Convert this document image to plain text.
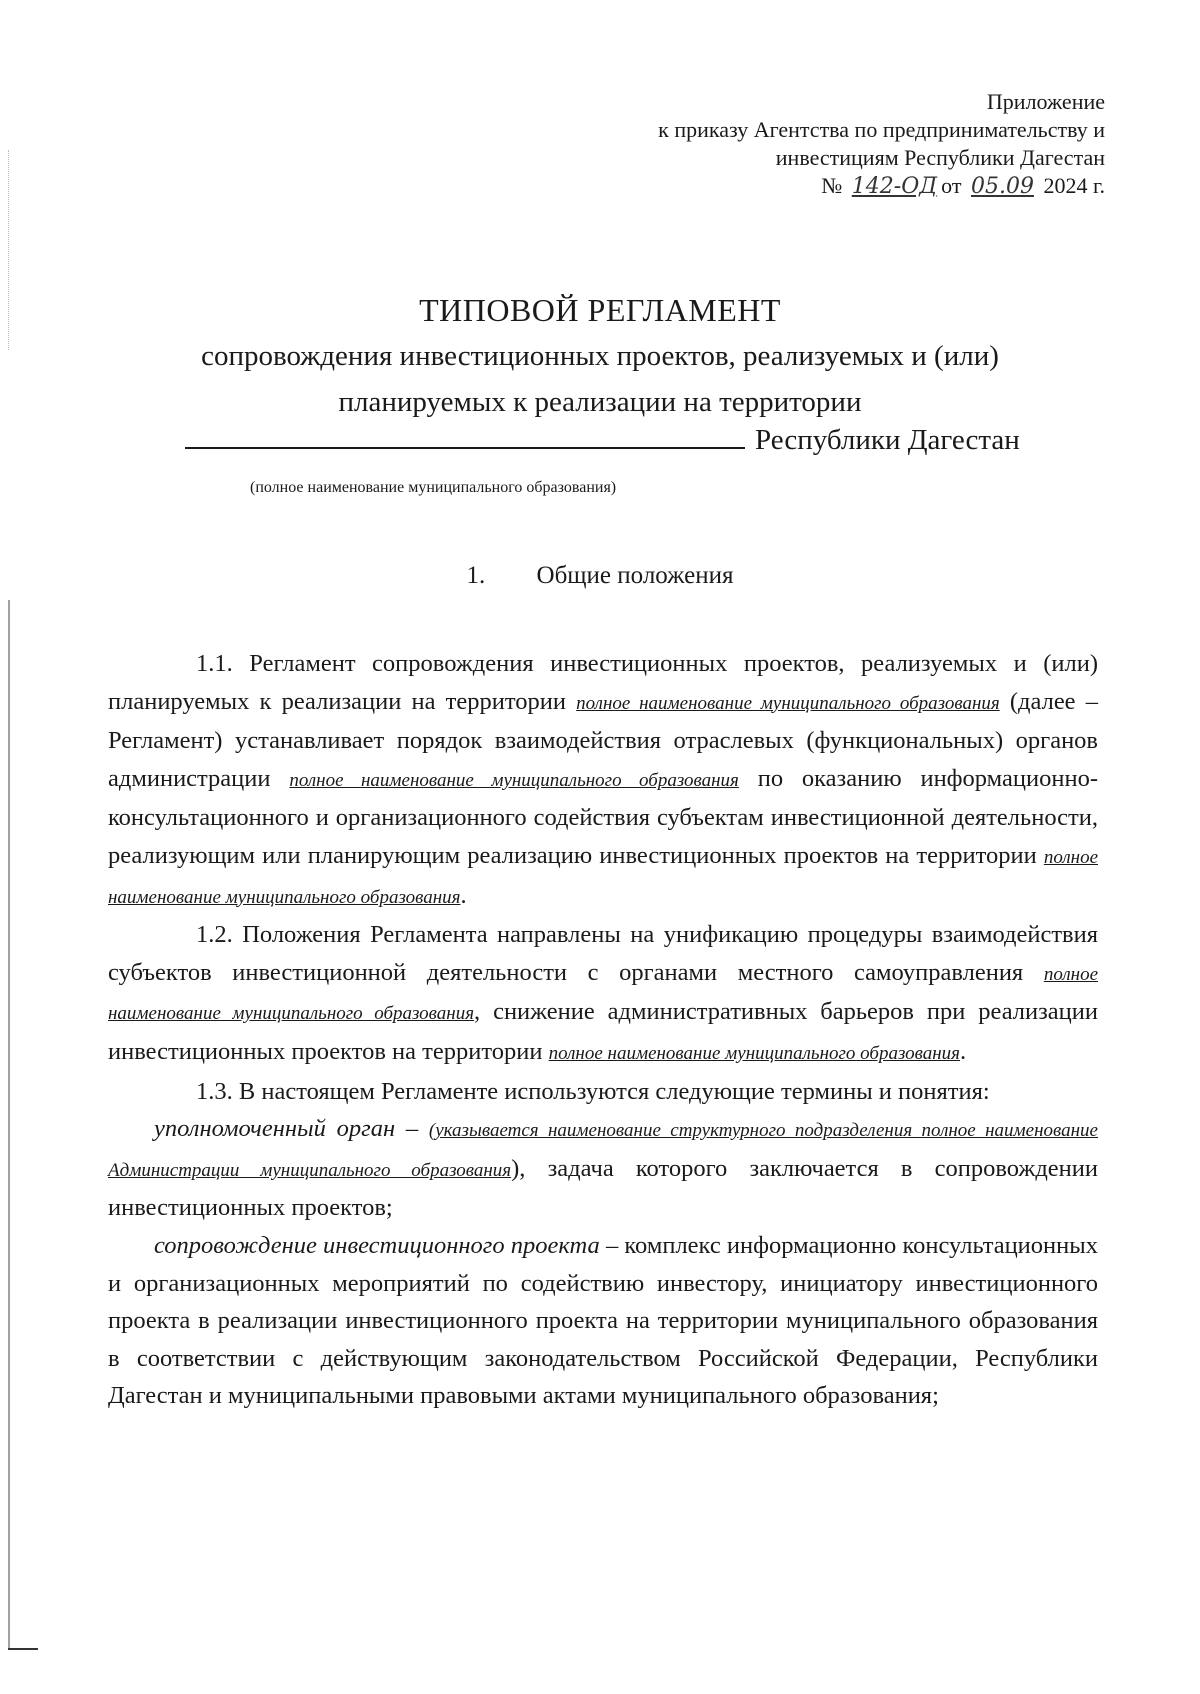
Приложение
к приказу Агентства по предпринимательству и
инвестициям Республики Дагестан
№ 142-ОД от 05.09 2024 г.
ТИПОВОЙ РЕГЛАМЕНТ
сопровождения инвестиционных проектов, реализуемых и (или)
планируемых к реализации на территории
Республики Дагестан
(полное наименование муниципального образования)
1. Общие положения

1.1. Регламент сопровождения инвестиционных проектов, реализуемых и (или) планируемых к реализации на территории полное наименование муниципального образования (далее – Регламент) устанавливает порядок взаимодействия отраслевых (функциональных) органов администрации полное наименование муниципального образования по оказанию информационно-консультационного и организационного содействия субъектам инвестиционной деятельности, реализующим или планирующим реализацию инвестиционных проектов на территории полное наименование муниципального образования.

1.2. Положения Регламента направлены на унификацию процедуры взаимодействия субъектов инвестиционной деятельности с органами местного самоуправления полное наименование муниципального образования, снижение административных барьеров при реализации инвестиционных проектов на территории полное наименование муниципального образования.

1.3. В настоящем Регламенте используются следующие термины и понятия:

уполномоченный орган – (указывается наименование структурного подразделения полное наименование Администрации муниципального образования), задача которого заключается в сопровождении инвестиционных проектов;

сопровождение инвестиционного проекта – комплекс информационно консультационных и организационных мероприятий по содействию инвестору, инициатору инвестиционного проекта в реализации инвестиционного проекта на территории муниципального образования в соответствии с действующим законодательством Российской Федерации, Республики Дагестан и муниципальными правовыми актами муниципального образования;
